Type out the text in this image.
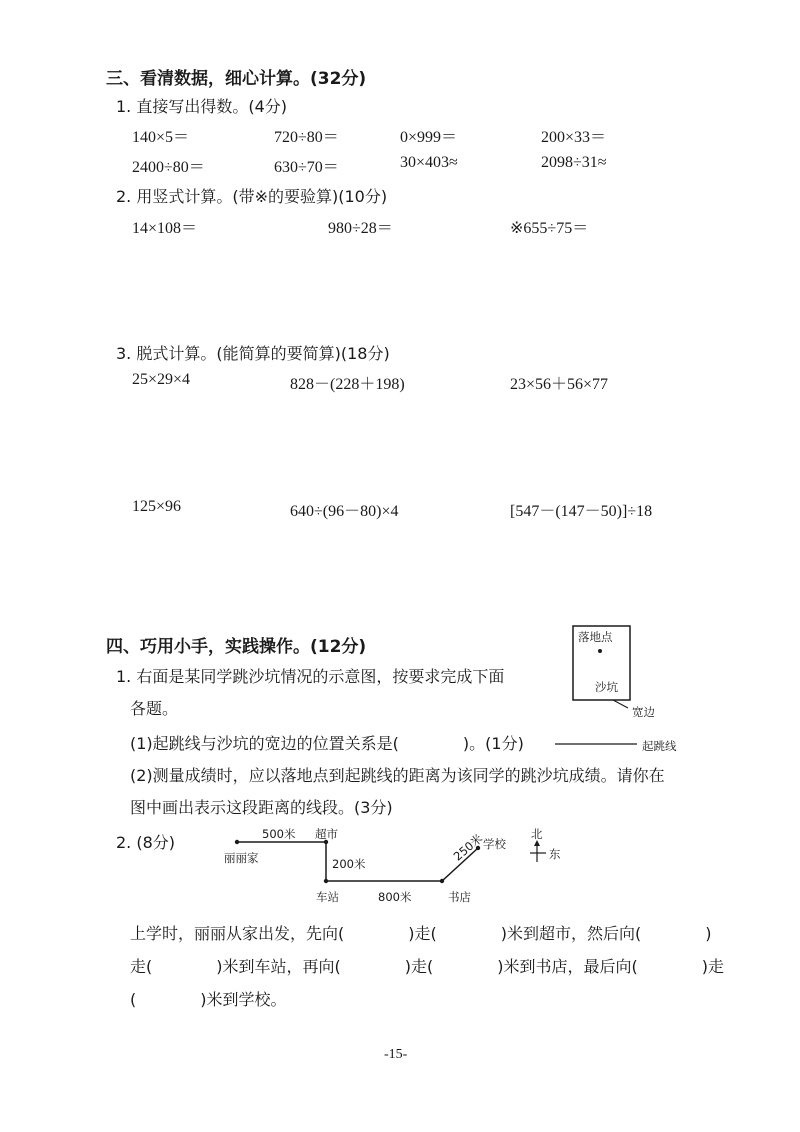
三、看清数据，细心计算。(32分)
1. 直接写出得数。(4分)
140×5＝	720÷80＝	0×999＝	200×33＝
2400÷80＝	630÷70＝	30×403≈	2098÷31≈
2. 用竖式计算。(带※的要验算)(10分)
14×108＝	980÷28＝	※655÷75＝
3. 脱式计算。(能简算的要简算)(18分)
25×29×4	828－(228＋198)	23×56＋56×77
125×96	640÷(96－80)×4	[547－(147－50)]÷18
四、巧用小手，实践操作。(12分)
1. 右面是某同学跳沙坑情况的示意图，按要求完成下面
各题。
(1)起跳线与沙坑的宽边的位置关系是(　　　　)。(1分)
(2)测量成绩时，应以落地点到起跳线的距离为该同学的跳沙坑成绩。请你在
图中画出表示这段距离的线段。(3分)
落地点
沙坑
宽边
起跳线
2. (8分)	500米 超市
丽丽家	200米
车站	800米	书店
250米
学校
北
东
上学时，丽丽从家出发，先向(　　　　)走(　　　　)米到超市，然后向(　　　　)
走(　　　　)米到车站，再向(　　　　)走(　　　　)米到书店，最后向(　　　　)走
(　　　　)米到学校。
-15-
